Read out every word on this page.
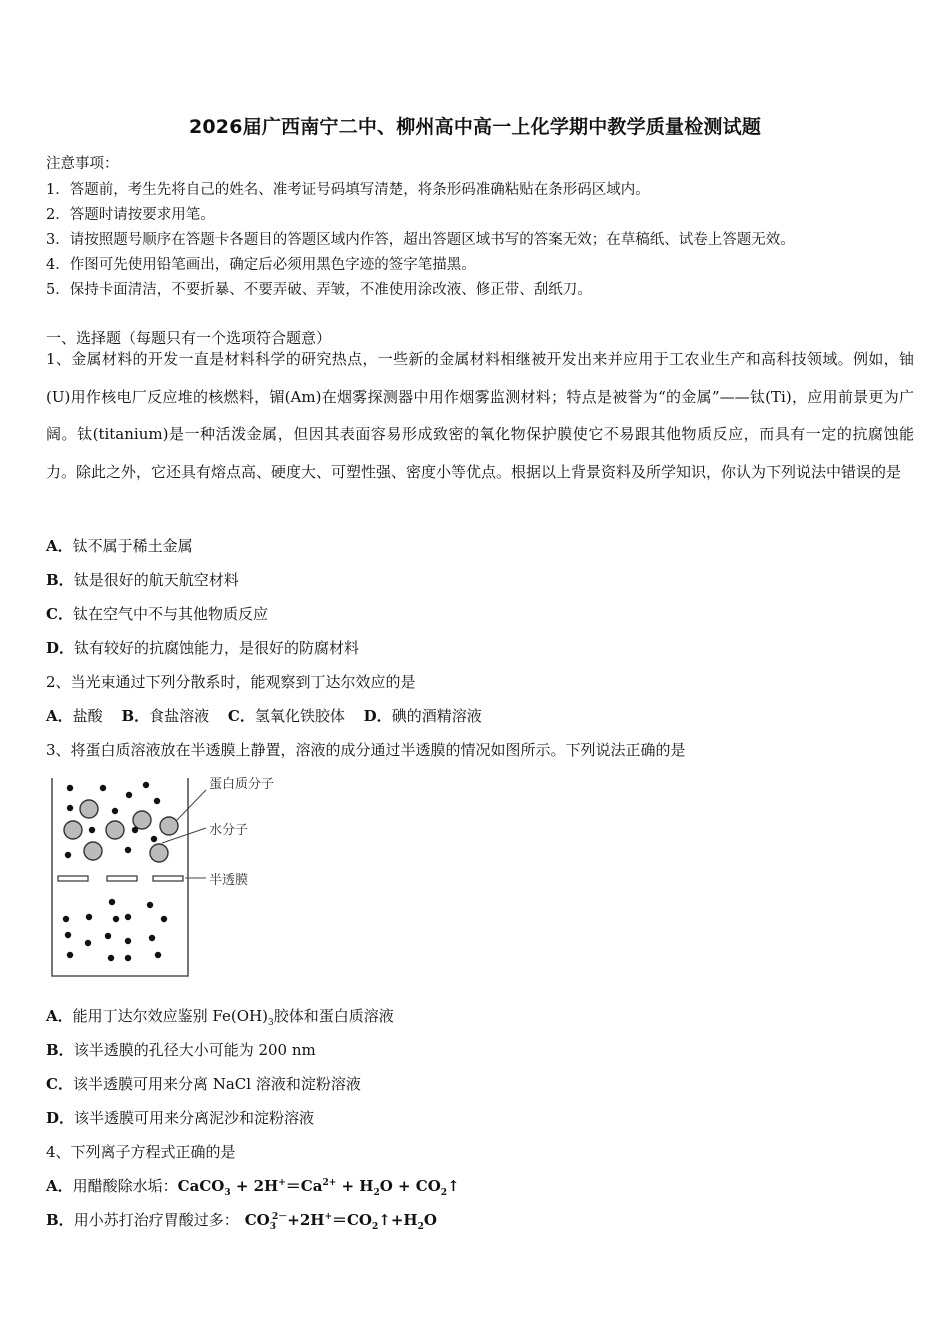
2026届广西南宁二中、柳州高中高一上化学期中教学质量检测试题
注意事项：
1．答题前，考生先将自己的姓名、准考证号码填写清楚，将条形码准确粘贴在条形码区域内。
2．答题时请按要求用笔。
3．请按照题号顺序在答题卡各题目的答题区域内作答，超出答题区域书写的答案无效；在草稿纸、试卷上答题无效。
4．作图可先使用铅笔画出，确定后必须用黑色字迹的签字笔描黑。
5．保持卡面清洁，不要折暴、不要弄破、弄皱，不准使用涂改液、修正带、刮纸刀。
一、选择题（每题只有一个选项符合题意）
1、金属材料的开发一直是材料科学的研究热点，一些新的金属材料相继被开发出来并应用于工农业生产和高科技领域。例如，铀(U)用作核电厂反应堆的核燃料，镅(Am)在烟雾探测器中用作烟雾监测材料；特点是被誉为“的金属”——钛(Ti)，应用前景更为广阔。钛(titanium)是一种活泼金属，但因其表面容易形成致密的氧化物保护膜使它不易跟其他物质反应，而具有一定的抗腐蚀能力。除此之外，它还具有熔点高、硬度大、可塑性强、密度小等优点。根据以上背景资料及所学知识，你认为下列说法中错误的是
A．钛不属于稀土金属
B．钛是很好的航天航空材料
C．钛在空气中不与其他物质反应
D．钛有较好的抗腐蚀能力，是很好的防腐材料
2、当光束通过下列分散系时，能观察到丁达尔效应的是
A．盐酸 B．食盐溶液 C．氢氧化铁胶体 D．碘的酒精溶液
3、将蛋白质溶液放在半透膜上静置，溶液的成分通过半透膜的情况如图所示。下列说法正确的是
蛋白质分子
水分子
半透膜
A．能用丁达尔效应鉴别 $Fe(OH)_3$胶体和蛋白质溶液
B．该半透膜的孔径大小可能为 200 nm
C．该半透膜可用来分离 NaCl 溶液和淀粉溶液
D．该半透膜可用来分离泥沙和淀粉溶液
4、下列离子方程式正确的是
A．用醋酸除水垢：CaCO$_3$ + $2H^+=Ca^{2+} + H_2O$ + $CO_2↑$
B．用小苏打治疗胃酸过多： $CO_3^{2-}+2H^+=CO_2↑+H_2O$
